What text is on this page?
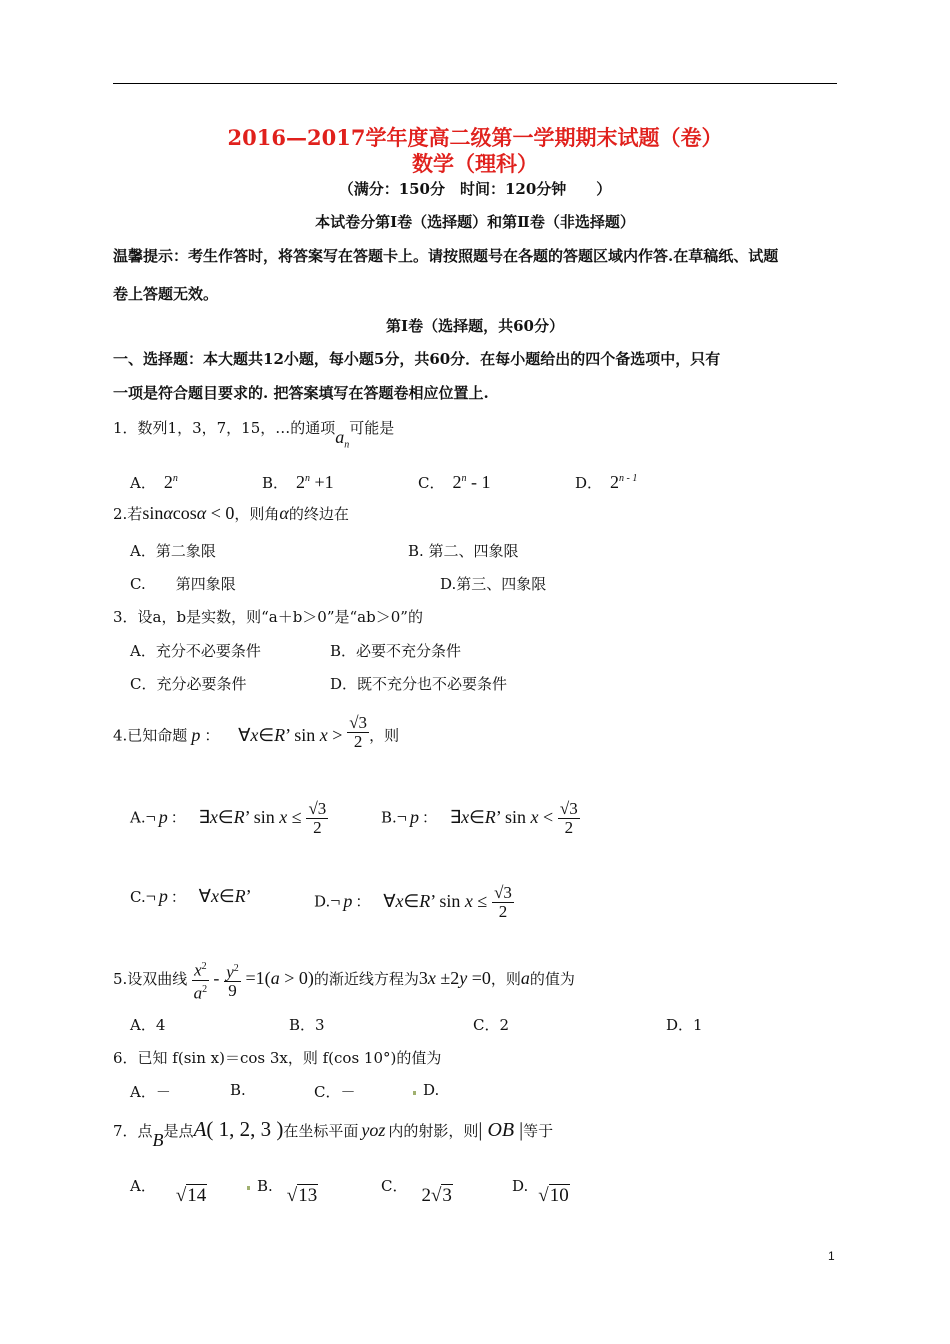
2016—2017学年度高二级第一学期期末试题（卷）
数学（理科）
（满分：150分　时间：120分钟　　）
本试卷分第Ⅰ卷（选择题）和第Ⅱ卷（非选择题）
温馨提示：考生作答时，将答案写在答题卡上。请按照题号在各题的答题区域内作答.在草稿纸、试题
卷上答题无效。
第Ⅰ卷（选择题，共60分）
一、选择题：本大题共12小题，每小题5分，共60分．在每小题给出的四个备选项中，只有
一项是符合题目要求的. 把答案填写在答题卷相应位置上.
1．数列1，3，7，15，…的通项$a_n$可能是
A． 2$^n$	B． $2^n +1$	C． 2$^n$ - 1	D． 2$^{n - 1}$
2.若sinαcosα < 0，则角α的终边在
A．第二象限	B. 第二、四象限
C.　　第四象限	D.第三、四象限
3．设a，b是实数，则“a＋b＞0”是“ab＞0”的
A．充分不必要条件	B．必要不充分条件
C．充分必要条件	D．既不充分也不必要条件
4.已知命题 p ： ∀x∈R’ $\sin x > \frac{√3}{2}$ ，则
A.¬ p ： ∃x∈R’ $\sin x \le \frac{√3}{2}$	B.¬ p ： ∃x∈R’ $\sin x < \frac{√3}{2}$
C.¬ p ： ∀x∈R’	D.¬ p ： ∀x∈R’ $\sin x \le \frac{√3}{2}$
5.设双曲线 $\frac{x^2}{a^2} - \frac{y^2}{9} =1(a > 0)$的渐近线方程为3x ±2y =0，则a的值为
A．4	B．3	C．2	D．1
6．已知 f(sin x)＝cos 3x，则 f(cos 10°)的值为
A．－	B.	C．－	D.
7．点B是点A( 1, 2, 3 )在坐标平面 yoz 内的射影，则| OB |等于
A． √14	B. √13	C． 2√3	D. √10
1
